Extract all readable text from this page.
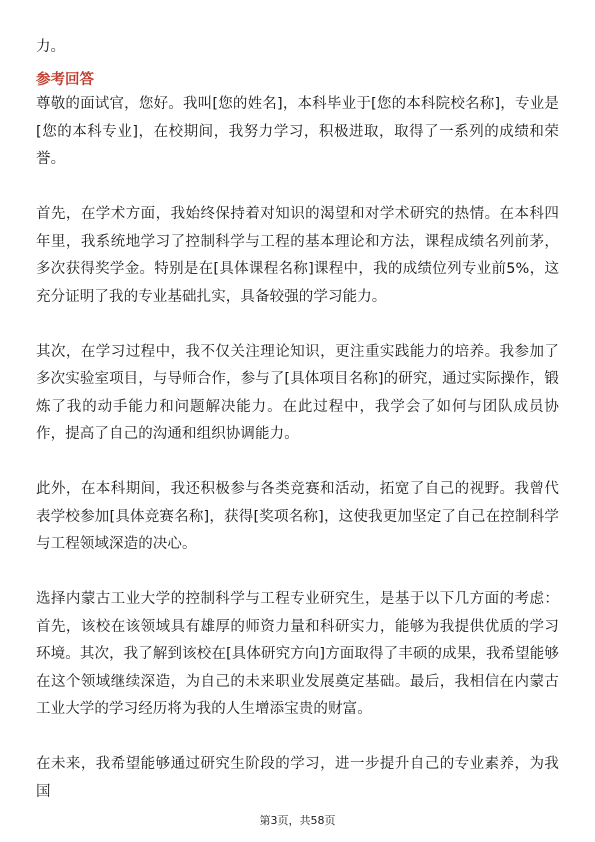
力。

参考回答

尊敬的面试官，您好。我叫[您的姓名]，本科毕业于[您的本科院校名称]，专业是[您的本科专业]，在校期间，我努力学习，积极进取，取得了一系列的成绩和荣誉。

首先，在学术方面，我始终保持着对知识的渴望和对学术研究的热情。在本科四年里，我系统地学习了控制科学与工程的基本理论和方法，课程成绩名列前茅，多次获得奖学金。特别是在[具体课程名称]课程中，我的成绩位列专业前5%，这充分证明了我的专业基础扎实，具备较强的学习能力。

其次，在学习过程中，我不仅关注理论知识，更注重实践能力的培养。我参加了多次实验室项目，与导师合作，参与了[具体项目名称]的研究，通过实际操作，锻炼了我的动手能力和问题解决能力。在此过程中，我学会了如何与团队成员协作，提高了自己的沟通和组织协调能力。

此外，在本科期间，我还积极参与各类竞赛和活动，拓宽了自己的视野。我曾代表学校参加[具体竞赛名称]，获得[奖项名称]，这使我更加坚定了自己在控制科学与工程领域深造的决心。

选择内蒙古工业大学的控制科学与工程专业研究生，是基于以下几方面的考虑：首先，该校在该领域具有雄厚的师资力量和科研实力，能够为我提供优质的学习环境。其次，我了解到该校在[具体研究方向]方面取得了丰硕的成果，我希望能够在这个领域继续深造，为自己的未来职业发展奠定基础。最后，我相信在内蒙古工业大学的学习经历将为我的人生增添宝贵的财富。

在未来，我希望能够通过研究生阶段的学习，进一步提升自己的专业素养，为我国

第3页，共58页
